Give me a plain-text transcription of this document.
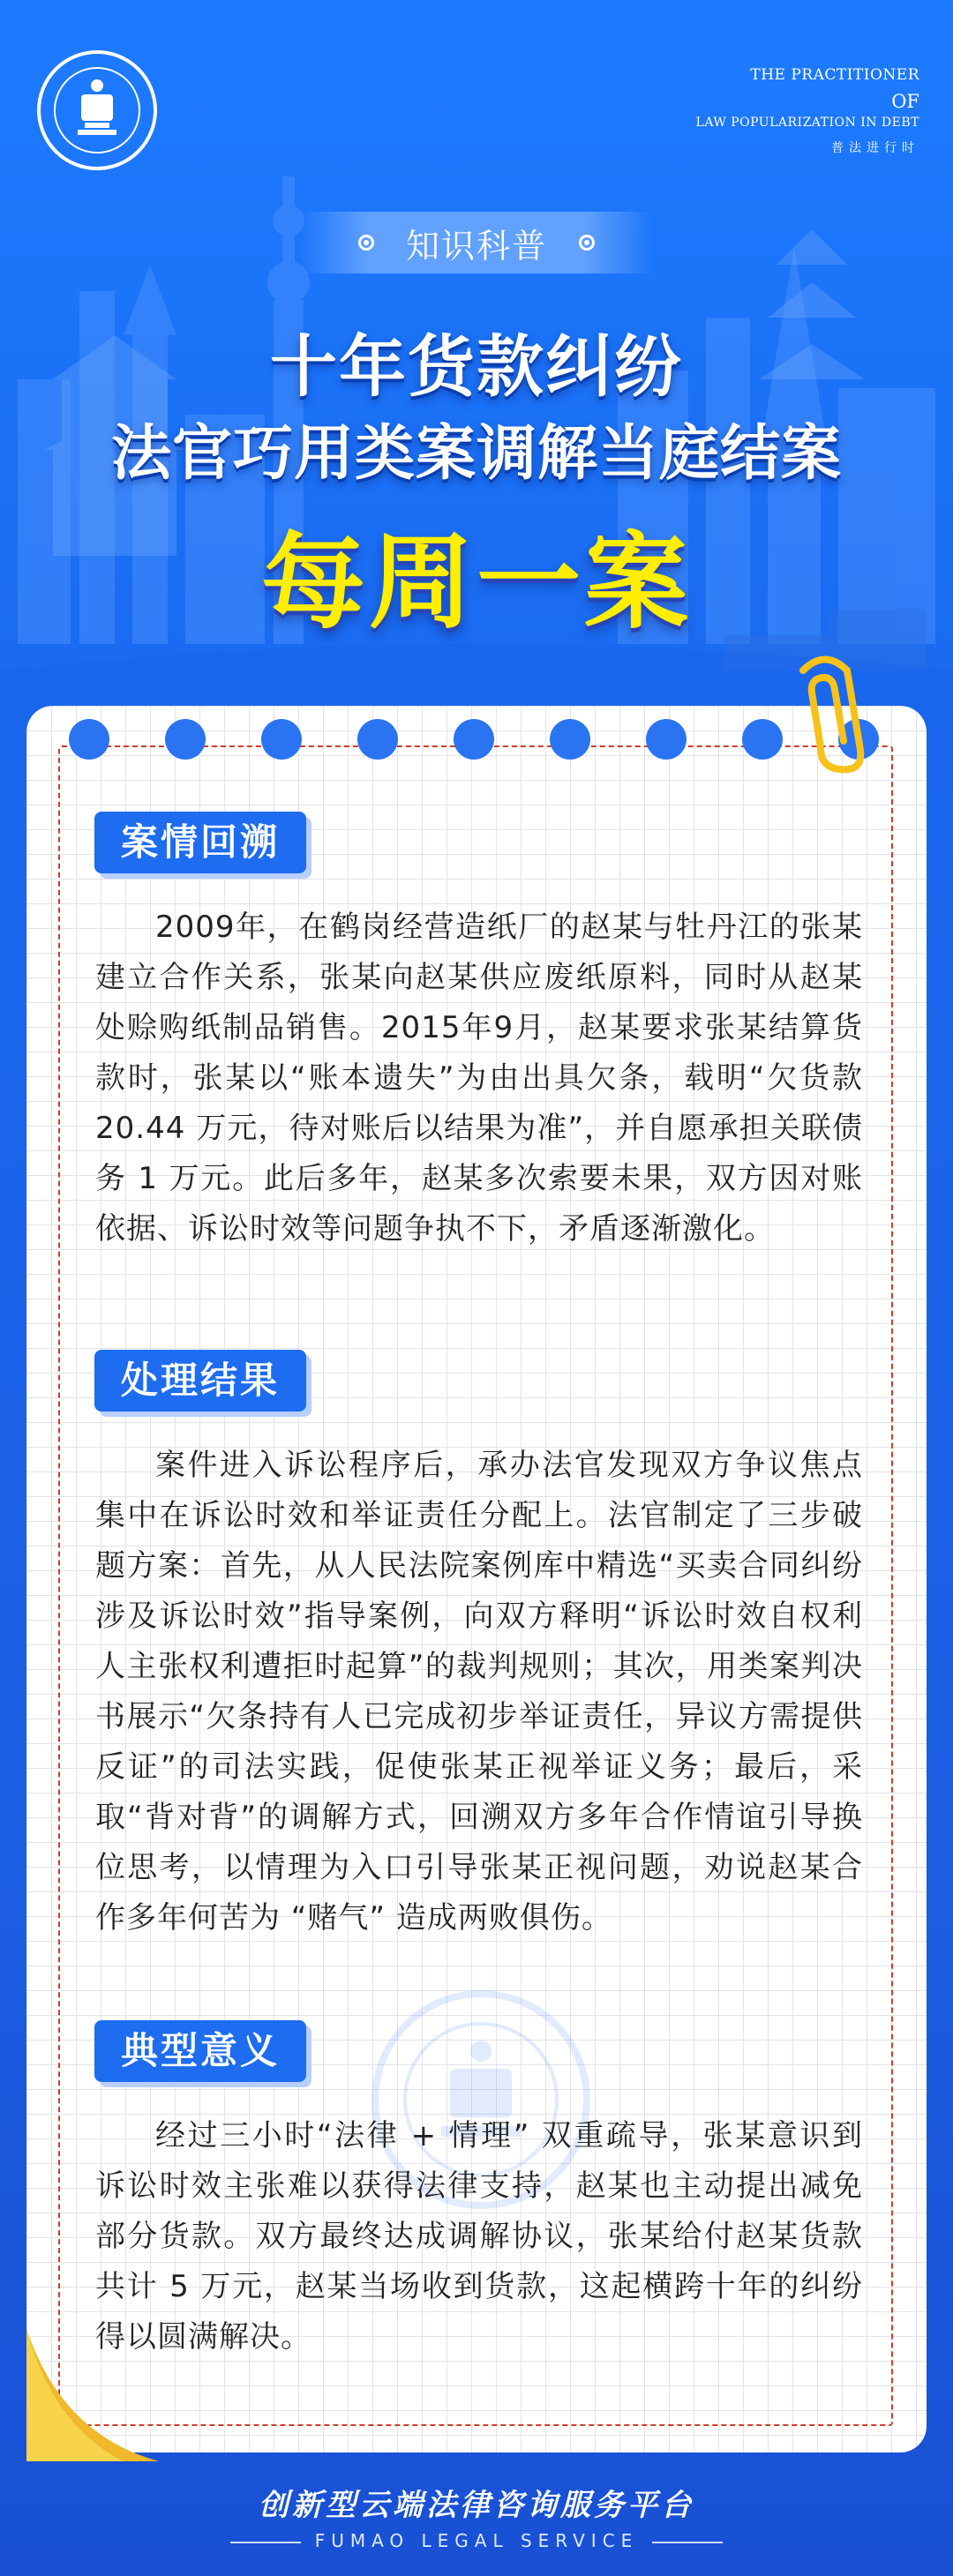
THE PRACTITIONER
OF
LAW POPULARIZATION IN DEBT
普法进行时
知识科普
十年货款纠纷
法官巧用类案调解当庭结案
每周一案
案情回溯
2009年，在鹤岗经营造纸厂的赵某与牡丹江的张某建立合作关系，张某向赵某供应废纸原料，同时从赵某处赊购纸制品销售。2015年9月，赵某要求张某结算货款时，张某以“账本遗失”为由出具欠条，载明“欠货款 20.44 万元，待对账后以结果为准”，并自愿承担关联债务 1 万元。此后多年，赵某多次索要未果，双方因对账依据、诉讼时效等问题争执不下，矛盾逐渐激化。
处理结果
案件进入诉讼程序后，承办法官发现双方争议焦点集中在诉讼时效和举证责任分配上。法官制定了三步破题方案：首先，从人民法院案例库中精选“买卖合同纠纷涉及诉讼时效”指导案例，向双方释明“诉讼时效自权利人主张权利遭拒时起算”的裁判规则；其次，用类案判决书展示“欠条持有人已完成初步举证责任，异议方需提供反证”的司法实践，促使张某正视举证义务；最后，采取“背对背”的调解方式，回溯双方多年合作情谊引导换位思考，以情理为入口引导张某正视问题，劝说赵某合作多年何苦为 “赌气” 造成两败俱伤。
典型意义
经过三小时“法律 + 情理” 双重疏导，张某意识到诉讼时效主张难以获得法律支持，赵某也主动提出减免部分货款。双方最终达成调解协议，张某给付赵某货款共计 5 万元，赵某当场收到货款，这起横跨十年的纠纷得以圆满解决。
创新型云端法律咨询服务平台
FUMAO LEGAL SERVICE
